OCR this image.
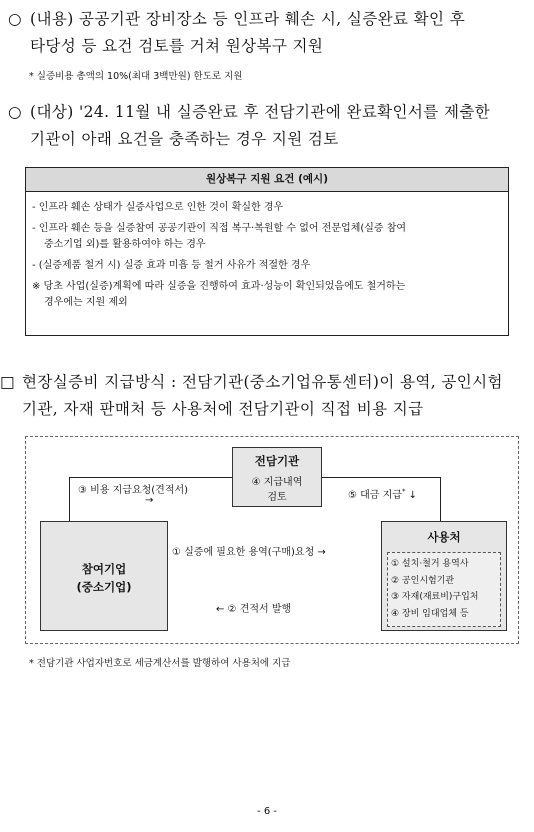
○ (내용) 공공기관 장비장소 등 인프라 훼손 시, 실증완료 확인 후
타당성 등 요건 검토를 거쳐 원상복구 지원
* 실증비용 총액의 10%(최대 3백만원) 한도로 지원
○ (대상) '24. 11월 내 실증완료 후 전담기관에 완료확인서를 제출한
기관이 아래 요건을 충족하는 경우 지원 검토
원상복구 지원 요건 (예시)
- 인프라 훼손 상태가 실증사업으로 인한 것이 확실한 경우
- 인프라 훼손 등을 실증참여 공공기관이 직접 복구·복원할 수 없어 전문업체(실증 참여
중소기업 외)를 활용하여야 하는 경우
- (실증제품 철거 시) 실증 효과 미흡 등 철거 사유가 적절한 경우
※ 당초 사업(실증)계획에 따라 실증을 진행하여 효과·성능이 확인되었음에도 철거하는
경우에는 지원 제외
□ 현장실증비 지급방식 : 전담기관(중소기업유통센터)이 용역, 공인시험
기관, 자재 판매처 등 사용처에 전담기관이 직접 비용 지급
전담기관
④ 지급내역
검토
③ 비용 지급요청(견적서)
→	⑤ 대금 지급* ↓
참여기업
(중소기업)
① 실증에 필요한 용역(구매)요청 →
← ② 견적서 발행
사용처
① 설치·철거 용역사
② 공인시험기관
③ 자재(재료비)구입처
④ 장비 임대업체 등
* 전담기관 사업자번호로 세금계산서를 발행하여 사용처에 지급
- 6 -
